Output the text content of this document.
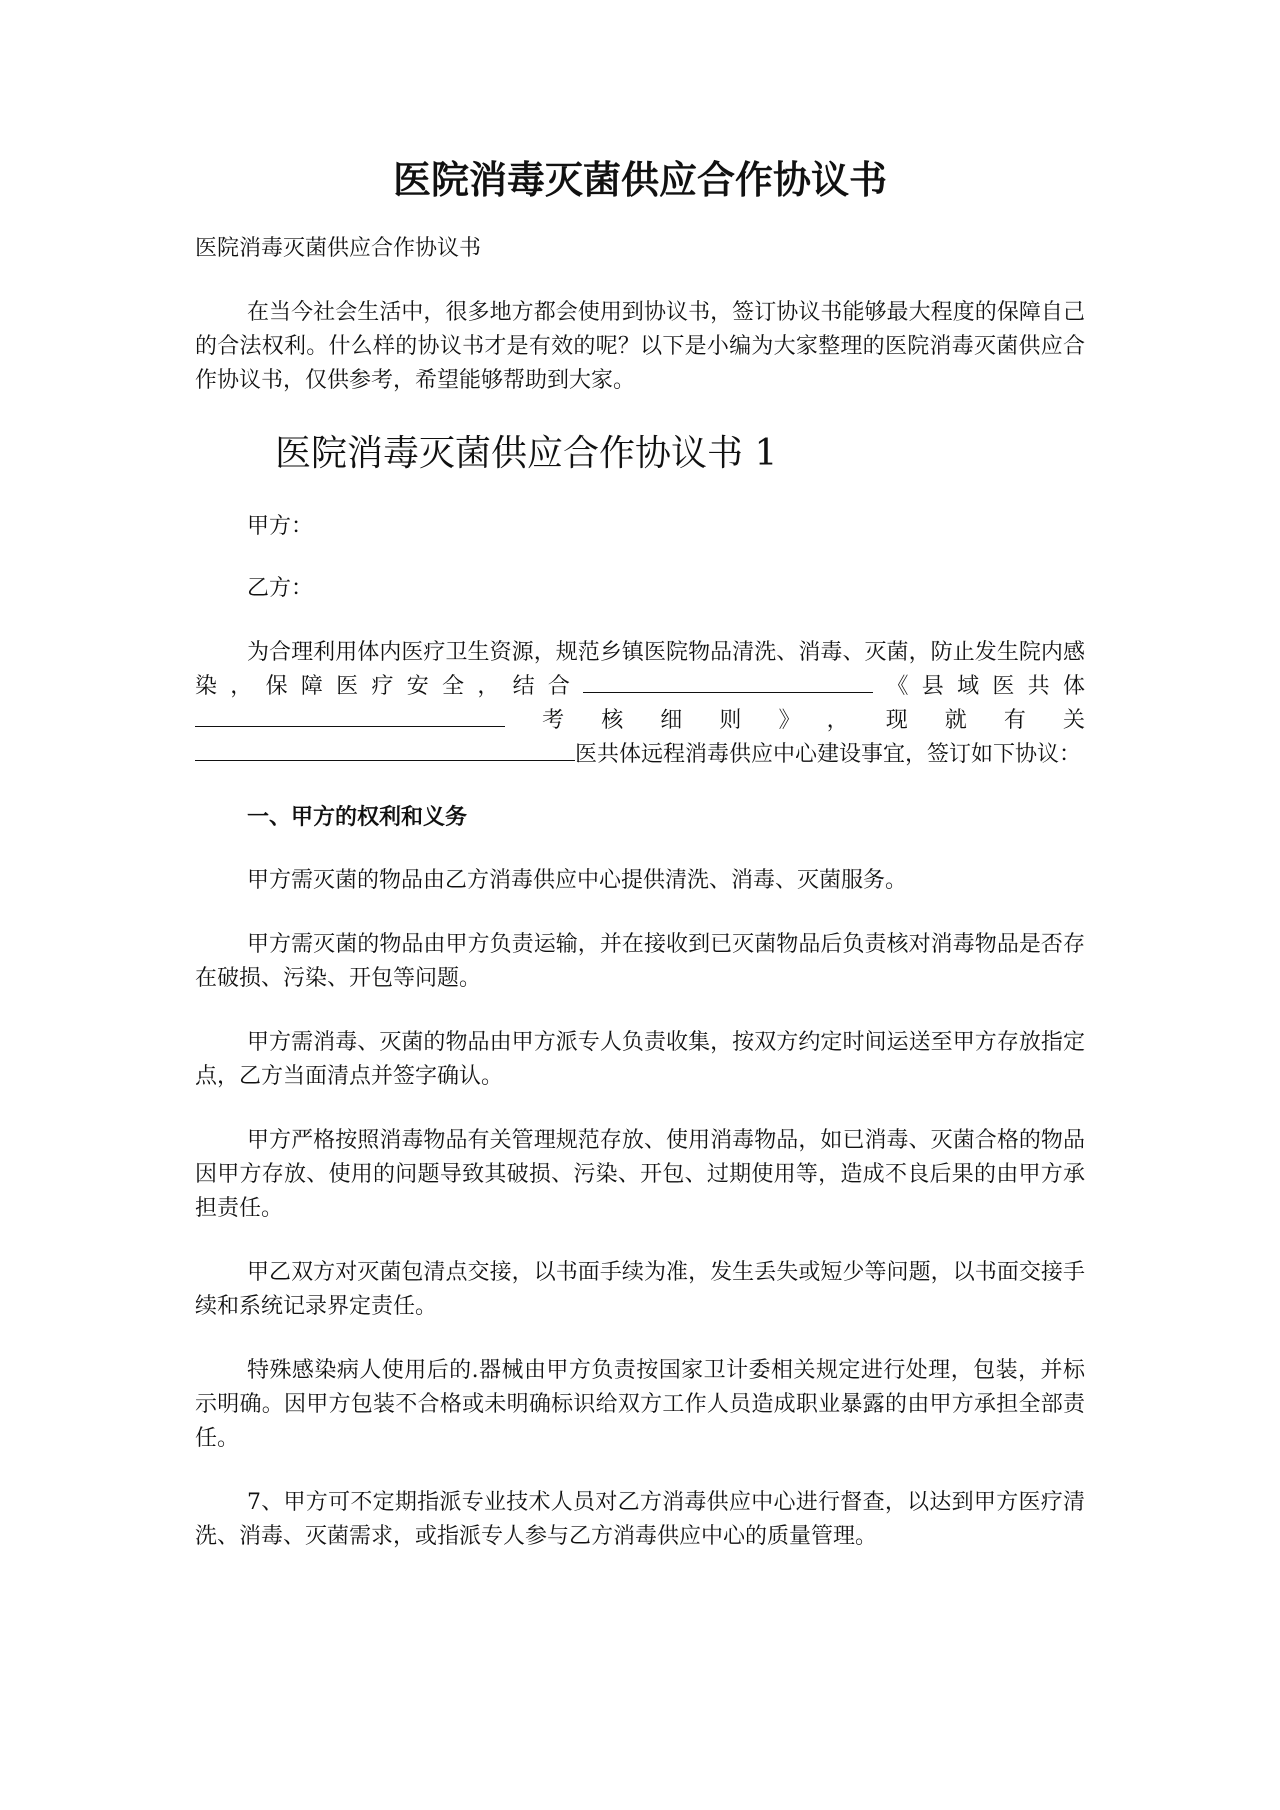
医院消毒灭菌供应合作协议书
医院消毒灭菌供应合作协议书

在当今社会生活中，很多地方都会使用到协议书，签订协议书能够最大程度的保障自己的合法权利。什么样的协议书才是有效的呢？以下是小编为大家整理的医院消毒灭菌供应合作协议书，仅供参考，希望能够帮助到大家。

医院消毒灭菌供应合作协议书 1
甲方：
乙方：

为合理利用体内医疗卫生资源，规范乡镇医院物品清洗、消毒、灭菌，防止发生院内感染，保障医疗安全，结合	《县域医共体考核细则》，现就有关医共体远程消毒供应中心建设事宜，签订如下协议：

一、甲方的权利和义务

甲方需灭菌的物品由乙方消毒供应中心提供清洗、消毒、灭菌服务。

甲方需灭菌的物品由甲方负责运输，并在接收到已灭菌物品后负责核对消毒物品是否存在破损、污染、开包等问题。

甲方需消毒、灭菌的物品由甲方派专人负责收集，按双方约定时间运送至甲方存放指定点，乙方当面清点并签字确认。

甲方严格按照消毒物品有关管理规范存放、使用消毒物品，如已消毒、灭菌合格的物品因甲方存放、使用的问题导致其破损、污染、开包、过期使用等，造成不良后果的由甲方承担责任。

甲乙双方对灭菌包清点交接，以书面手续为准，发生丢失或短少等问题，以书面交接手续和系统记录界定责任。

特殊感染病人使用后的.器械由甲方负责按国家卫计委相关规定进行处理，包装，并标示明确。因甲方包装不合格或未明确标识给双方工作人员造成职业暴露的由甲方承担全部责任。

7、甲方可不定期指派专业技术人员对乙方消毒供应中心进行督查，以达到甲方医疗清洗、消毒、灭菌需求，或指派专人参与乙方消毒供应中心的质量管理。
